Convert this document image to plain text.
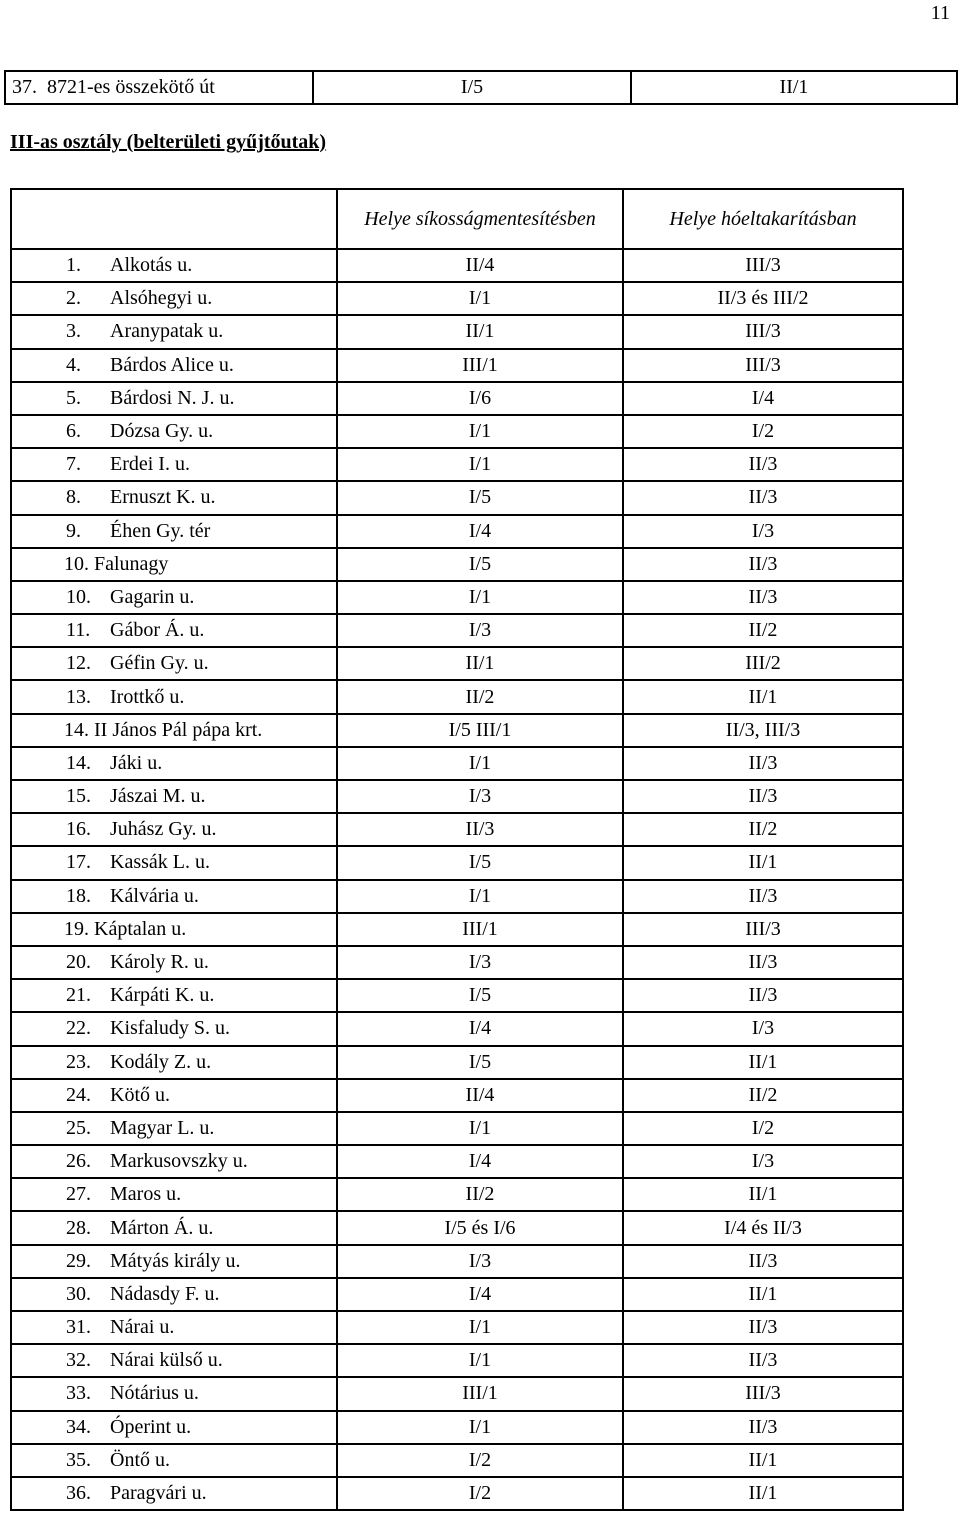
11
37. 8721-es összekötő út	I/5	II/1
III-as osztály (belterületi gyűjtőutak)
	Helye síkosságmentesítésben	Helye hóeltakarításban
1. Alkotás u.	II/4	III/3
2. Alsóhegyi u.	I/1	II/3 és III/2
3. Aranypatak u.	II/1	III/3
4. Bárdos Alice u.	III/1	III/3
5. Bárdosi N. J. u.	I/6	I/4
6. Dózsa Gy. u.	I/1	I/2
7. Erdei I. u.	I/1	II/3
8. Ernuszt K. u.	I/5	II/3
9. Éhen Gy. tér	I/4	I/3
10. Falunagy	I/5	II/3
10. Gagarin u.	I/1	II/3
11. Gábor Á. u.	I/3	II/2
12. Géfin Gy. u.	II/1	III/2
13. Irottkő u.	II/2	II/1
14. II János Pál pápa krt.	I/5 III/1	II/3, III/3
14. Jáki u.	I/1	II/3
15. Jászai M. u.	I/3	II/3
16. Juhász Gy. u.	II/3	II/2
17. Kassák L. u.	I/5	II/1
18. Kálvária u.	I/1	II/3
19. Káptalan u.	III/1	III/3
20. Károly R. u.	I/3	II/3
21. Kárpáti K. u.	I/5	II/3
22. Kisfaludy S. u.	I/4	I/3
23. Kodály Z. u.	I/5	II/1
24. Kötő u.	II/4	II/2
25. Magyar L. u.	I/1	I/2
26. Markusovszky u.	I/4	I/3
27. Maros u.	II/2	II/1
28. Márton Á. u.	I/5 és I/6	I/4 és II/3
29. Mátyás király u.	I/3	II/3
30. Nádasdy F. u.	I/4	II/1
31. Nárai u.	I/1	II/3
32. Nárai külső u.	I/1	II/3
33. Nótárius u.	III/1	III/3
34. Óperint u.	I/1	II/3
35. Öntő u.	I/2	II/1
36. Paragvári u.	I/2	II/1
